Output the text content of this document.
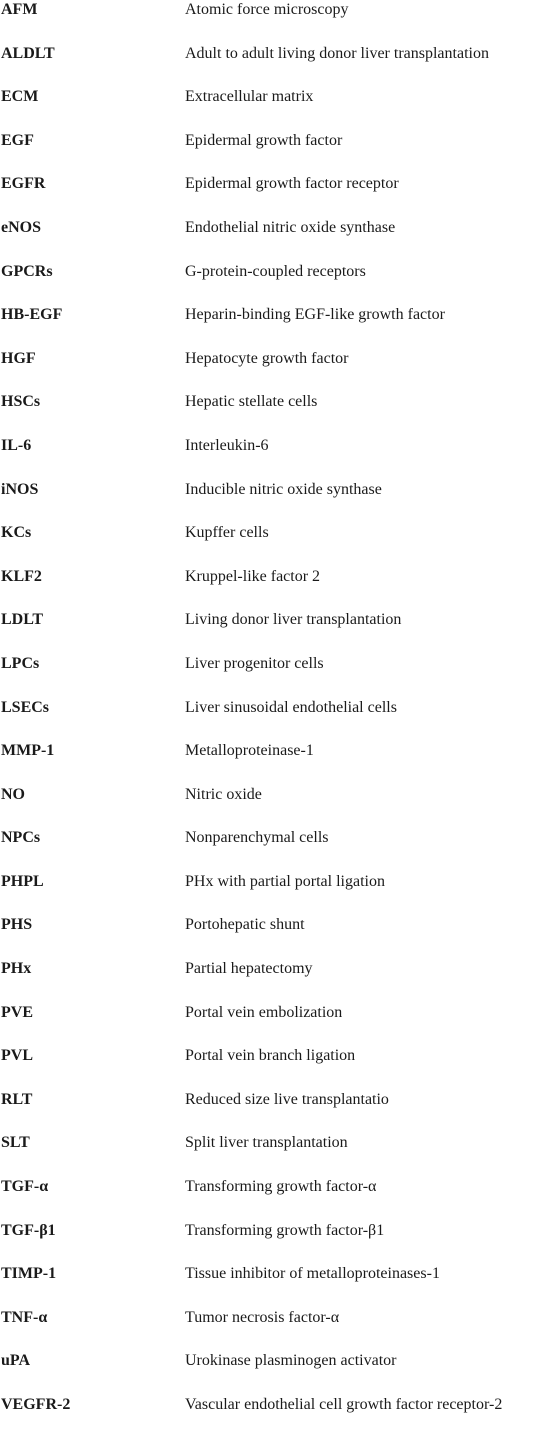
AFM	Atomic force microscopy
ALDLT	Adult to adult living donor liver transplantation
ECM	Extracellular matrix
EGF	Epidermal growth factor
EGFR	Epidermal growth factor receptor
eNOS	Endothelial nitric oxide synthase
GPCRs	G-protein-coupled receptors
HB-EGF	Heparin-binding EGF-like growth factor
HGF	Hepatocyte growth factor
HSCs	Hepatic stellate cells
IL-6	Interleukin-6
iNOS	Inducible nitric oxide synthase
KCs	Kupffer cells
KLF2	Kruppel-like factor 2
LDLT	Living donor liver transplantation
LPCs	Liver progenitor cells
LSECs	Liver sinusoidal endothelial cells
MMP-1	Metalloproteinase-1
NO	Nitric oxide
NPCs	Nonparenchymal cells
PHPL	PHx with partial portal ligation
PHS	Portohepatic shunt
PHx	Partial hepatectomy
PVE	Portal vein embolization
PVL	Portal vein branch ligation
RLT	Reduced size live transplantatio
SLT	Split liver transplantation
TGF-α	Transforming growth factor-α
TGF-β1	Transforming growth factor-β1
TIMP-1	Tissue inhibitor of metalloproteinases-1
TNF-α	Tumor necrosis factor-α
uPA	Urokinase plasminogen activator
VEGFR-2	Vascular endothelial cell growth factor receptor-2
